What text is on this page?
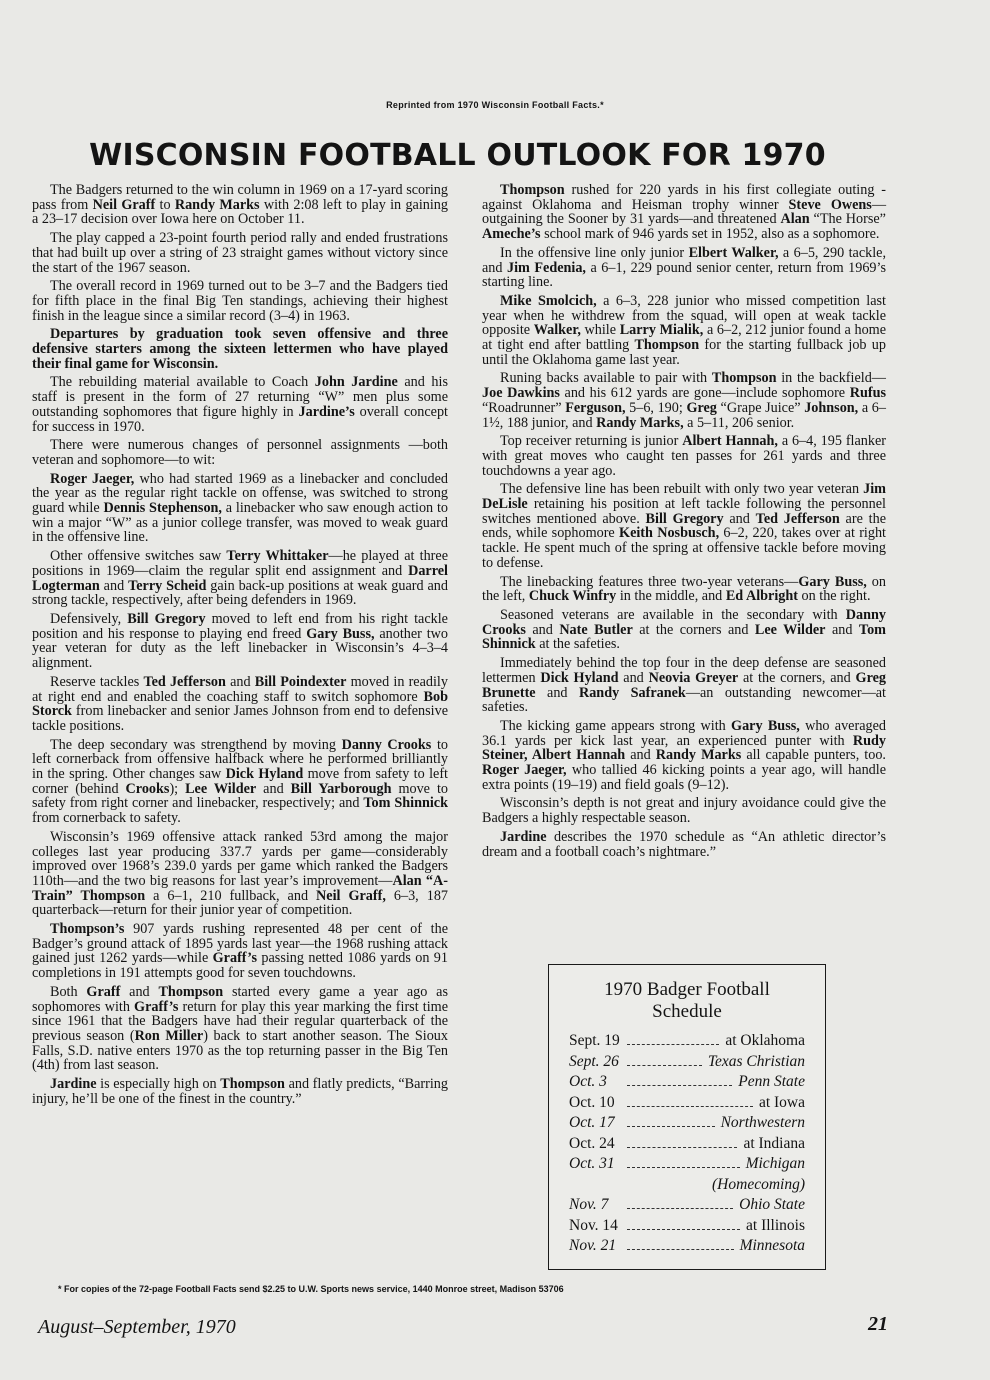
Reprinted from 1970 Wisconsin Football Facts.*
WISCONSIN FOOTBALL OUTLOOK FOR 1970

The Badgers returned to the win column in 1969 on a 17-yard scoring pass from Neil Graff to Randy Marks with 2:08 left to play in gaining a 23–17 decision over Iowa here on October 11.

The play capped a 23-point fourth period rally and ended frustrations that had built up over a string of 23 straight games without victory since the start of the 1967 season.

The overall record in 1969 turned out to be 3–7 and the Badgers tied for fifth place in the final Big Ten standings, achieving their highest finish in the league since a similar record (3–4) in 1963.

Departures by graduation took seven offensive and three defensive starters among the sixteen lettermen who have played their final game for Wisconsin.

The rebuilding material available to Coach John Jardine and his staff is present in the form of 27 returning “W” men plus some outstanding sophomores that figure highly in Jardine’s overall concept for success in 1970.

There were numerous changes of personnel assignments —both veteran and sophomore—to wit:

Roger Jaeger, who had started 1969 as a linebacker and concluded the year as the regular right tackle on offense, was switched to strong guard while Dennis Stephenson, a linebacker who saw enough action to win a major “W” as a junior college transfer, was moved to weak guard in the offensive line.

Other offensive switches saw Terry Whittaker—he played at three positions in 1969—claim the regular split end assignment and Darrel Logterman and Terry Scheid gain back-up positions at weak guard and strong tackle, respectively, after being defenders in 1969.

Defensively, Bill Gregory moved to left end from his right tackle position and his response to playing end freed Gary Buss, another two year veteran for duty as the left linebacker in Wisconsin’s 4–3–4 alignment.

Reserve tackles Ted Jefferson and Bill Poindexter moved in readily at right end and enabled the coaching staff to switch sophomore Bob Storck from linebacker and senior James Johnson from end to defensive tackle positions.

The deep secondary was strengthend by moving Danny Crooks to left cornerback from offensive halfback where he performed brilliantly in the spring. Other changes saw Dick Hyland move from safety to left corner (behind Crooks); Lee Wilder and Bill Yarborough move to safety from right corner and linebacker, respectively; and Tom Shinnick from cornerback to safety.

Wisconsin’s 1969 offensive attack ranked 53rd among the major colleges last year producing 337.7 yards per game—considerably improved over 1968’s 239.0 yards per game which ranked the Badgers 110th—and the two big reasons for last year’s improvement—Alan “A-Train” Thompson a 6–1, 210 fullback, and Neil Graff, 6–3, 187 quarterback—return for their junior year of competition.

Thompson’s 907 yards rushing represented 48 per cent of the Badger’s ground attack of 1895 yards last year—the 1968 rushing attack gained just 1262 yards—while Graff’s passing netted 1086 yards on 91 completions in 191 attempts good for seven touchdowns.

Both Graff and Thompson started every game a year ago as sophomores with Graff’s return for play this year marking the first time since 1961 that the Badgers have had their regular quarterback of the previous season (Ron Miller) back to start another season. The Sioux Falls, S.D. native enters 1970 as the top returning passer in the Big Ten (4th) from last season.

Jardine is especially high on Thompson and flatly predicts, “Barring injury, he’ll be one of the finest in the country.”

Thompson rushed for 220 yards in his first collegiate outing - against Oklahoma and Heisman trophy winner Steve Owens—outgaining the Sooner by 31 yards—and threatened Alan “The Horse” Ameche’s school mark of 946 yards set in 1952, also as a sophomore.

In the offensive line only junior Elbert Walker, a 6–5, 290 tackle, and Jim Fedenia, a 6–1, 229 pound senior center, return from 1969’s starting line.

Mike Smolcich, a 6–3, 228 junior who missed competition last year when he withdrew from the squad, will open at weak tackle opposite Walker, while Larry Mialik, a 6–2, 212 junior found a home at tight end after battling Thompson for the starting fullback job up until the Oklahoma game last year.

Runing backs available to pair with Thompson in the backfield—Joe Dawkins and his 612 yards are gone—include sophomore Rufus “Roadrunner” Ferguson, 5–6, 190; Greg “Grape Juice” Johnson, a 6–1½, 188 junior, and Randy Marks, a 5–11, 206 senior.

Top receiver returning is junior Albert Hannah, a 6–4, 195 flanker with great moves who caught ten passes for 261 yards and three touchdowns a year ago.

The defensive line has been rebuilt with only two year veteran Jim DeLisle retaining his position at left tackle following the personnel switches mentioned above. Bill Gregory and Ted Jefferson are the ends, while sophomore Keith Nosbusch, 6–2, 220, takes over at right tackle. He spent much of the spring at offensive tackle before moving to defense.

The linebacking features three two-year veterans—Gary Buss, on the left, Chuck Winfry in the middle, and Ed Albright on the right.

Seasoned veterans are available in the secondary with Danny Crooks and Nate Butler at the corners and Lee Wilder and Tom Shinnick at the safeties.

Immediately behind the top four in the deep defense are seasoned lettermen Dick Hyland and Neovia Greyer at the corners, and Greg Brunette and Randy Safranek—an outstanding newcomer—at safeties.

The kicking game appears strong with Gary Buss, who averaged 36.1 yards per kick last year, an experienced punter with Rudy Steiner, Albert Hannah and Randy Marks all capable punters, too. Roger Jaeger, who tallied 46 kicking points a year ago, will handle extra points (19–19) and field goals (9–12).

Wisconsin’s depth is not great and injury avoidance could give the Badgers a highly respectable season.

Jardine describes the 1970 schedule as “An athletic director’s dream and a football coach’s nightmare.”

1970 Badger Football
Schedule
Sept. 19	at Oklahoma
Sept. 26	Texas Christian
Oct. 3	Penn State
Oct. 10	at Iowa
Oct. 17	Northwestern
Oct. 24	at Indiana
Oct. 31	Michigan
(Homecoming)
Nov. 7	Ohio State
Nov. 14	at Illinois
Nov. 21	Minnesota
* For copies of the 72-page Football Facts send $2.25 to U.W. Sports news service, 1440 Monroe street, Madison 53706
August–September, 1970	21
